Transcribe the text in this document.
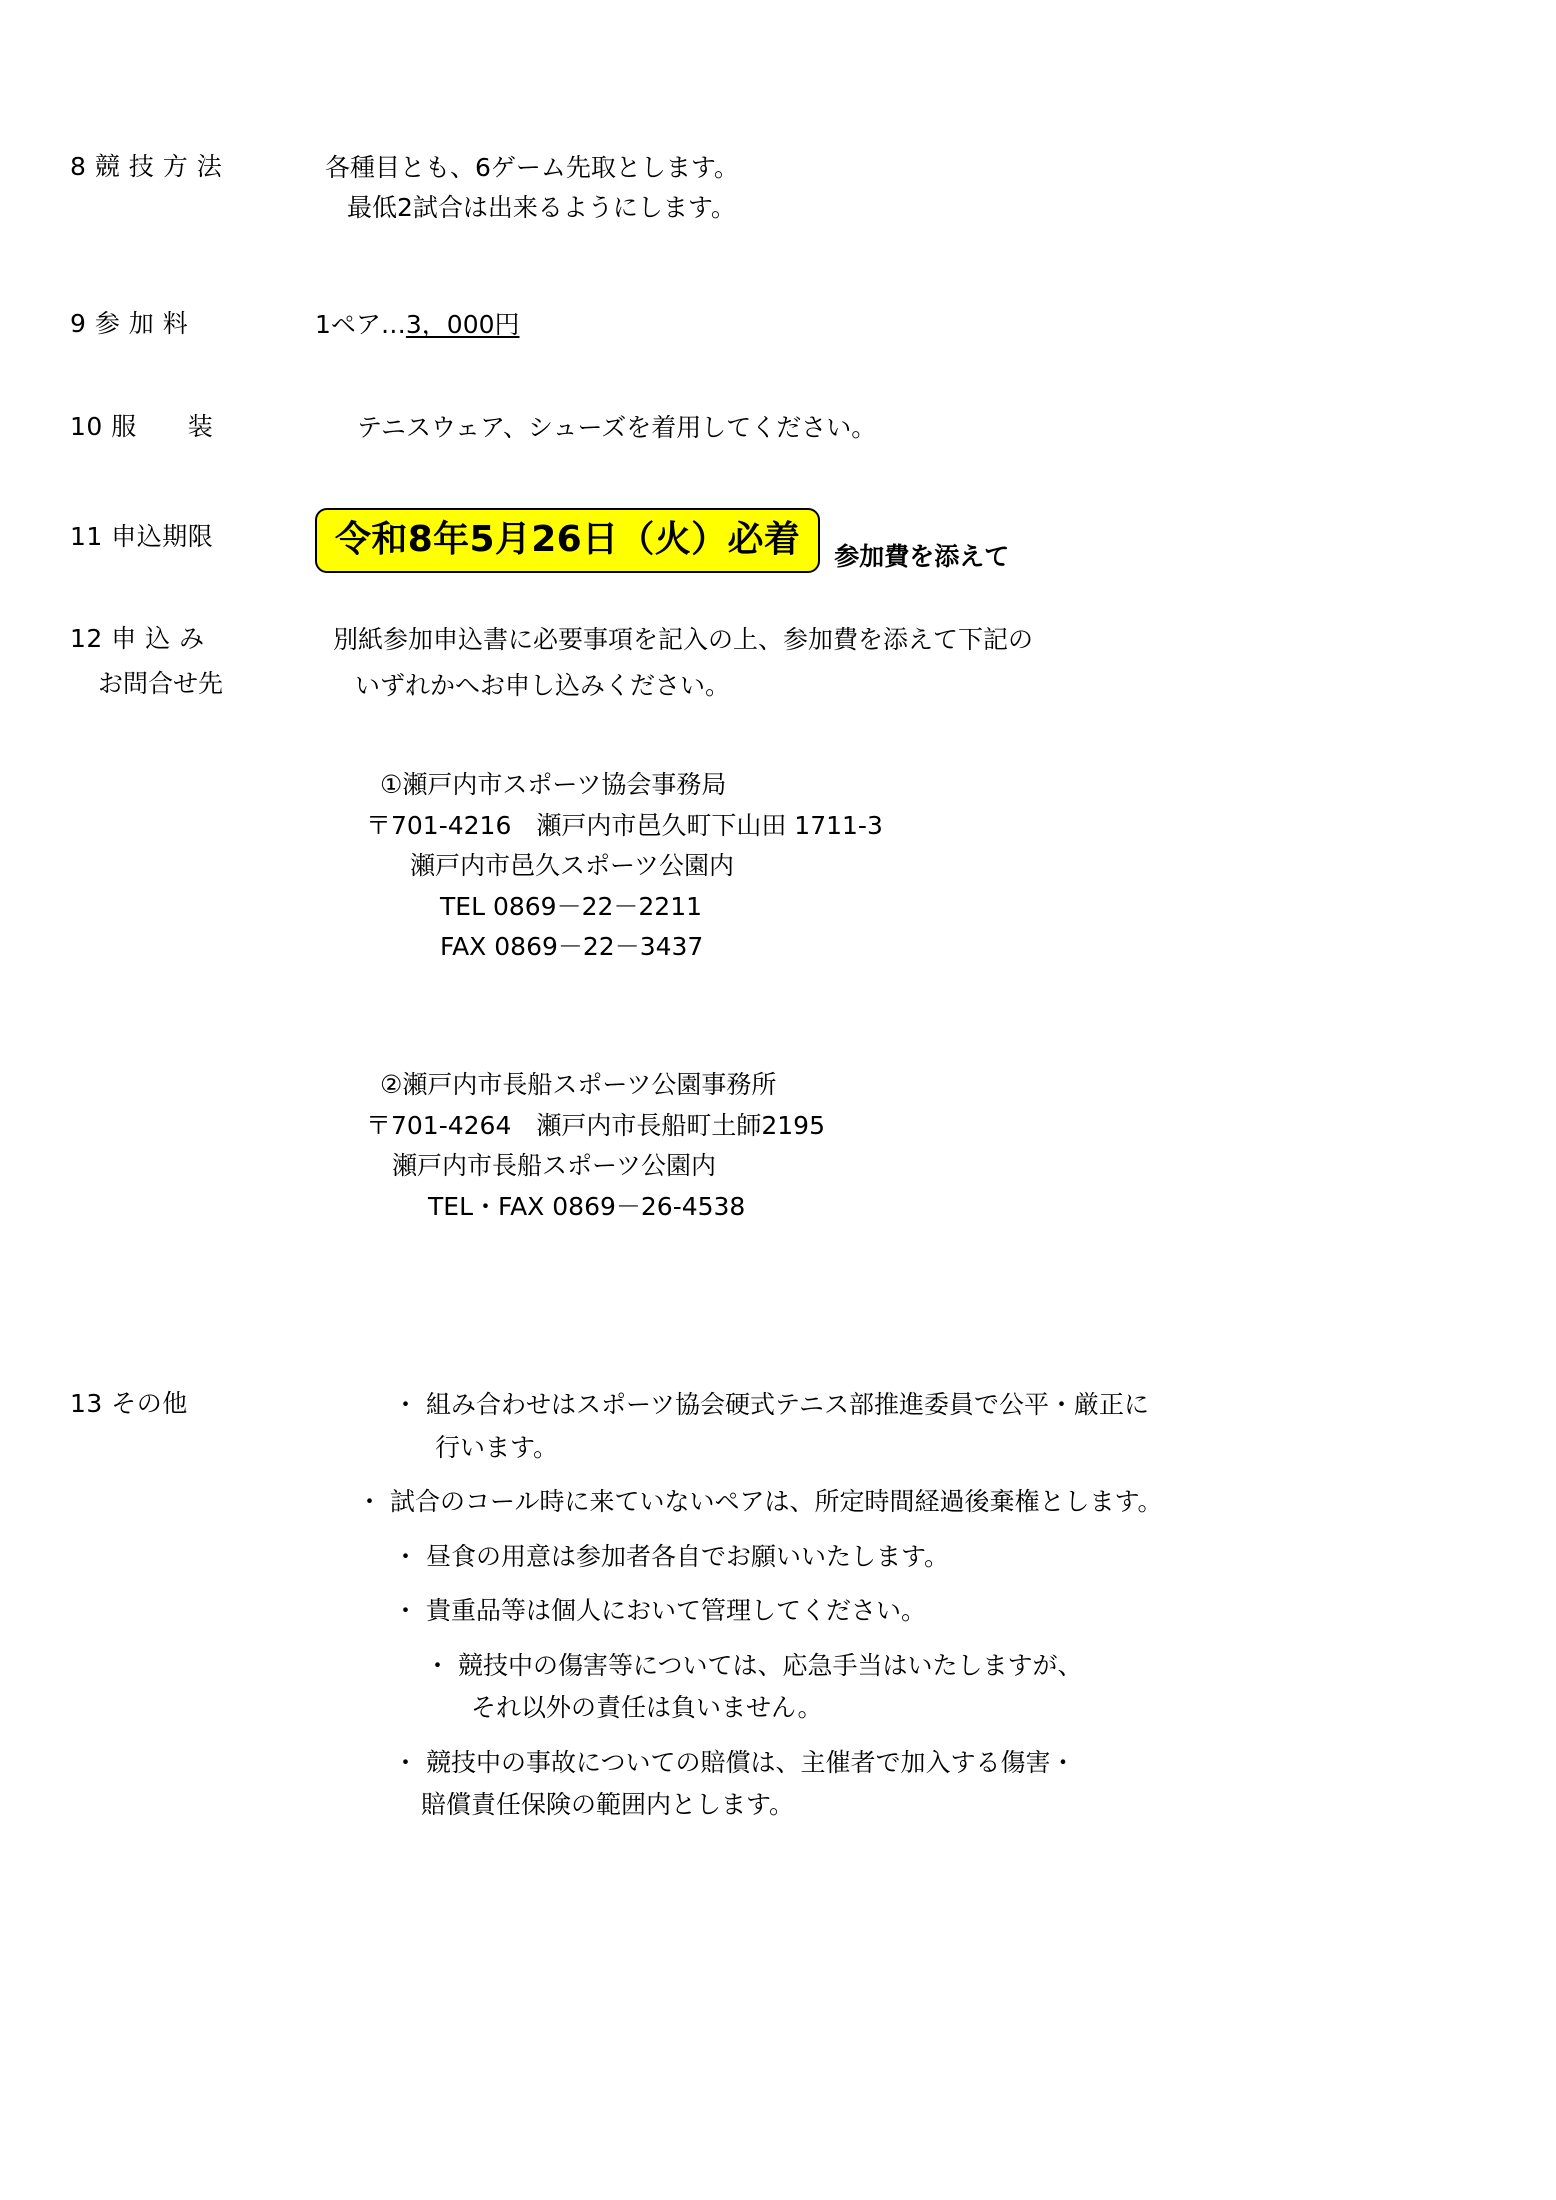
8 競 技 方 法	各種目とも、6ゲーム先取とします。
最低2試合は出来るようにします。
9 参 加 料	1ペア…3，000円
10 服　　装	テニスウェア、シューズを着用してください。
11 申込期限	令和8年5月26日（火）必着	参加費を添えて
12 申 込 み
お問合せ先
別紙参加申込書に必要事項を記入の上、参加費を添えて下記の
いずれかへお申し込みください。
①瀬戸内市スポーツ協会事務局
〒701-4216　瀬戸内市邑久町下山田 1711-3
瀬戸内市邑久スポーツ公園内
TEL 0869－22－2211
FAX 0869－22－3437
②瀬戸内市長船スポーツ公園事務所
〒701-4264　瀬戸内市長船町土師2195
瀬戸内市長船スポーツ公園内
TEL・FAX 0869－26-4538
13 その他	・ 組み合わせはスポーツ協会硬式テニス部推進委員で公平・厳正に
行います。
・ 試合のコール時に来ていないペアは、所定時間経過後棄権とします。
・ 昼食の用意は参加者各自でお願いいたします。
・ 貴重品等は個人において管理してください。
・ 競技中の傷害等については、応急手当はいたしますが、
それ以外の責任は負いません。
・ 競技中の事故についての賠償は、主催者で加入する傷害・
賠償責任保険の範囲内とします。
